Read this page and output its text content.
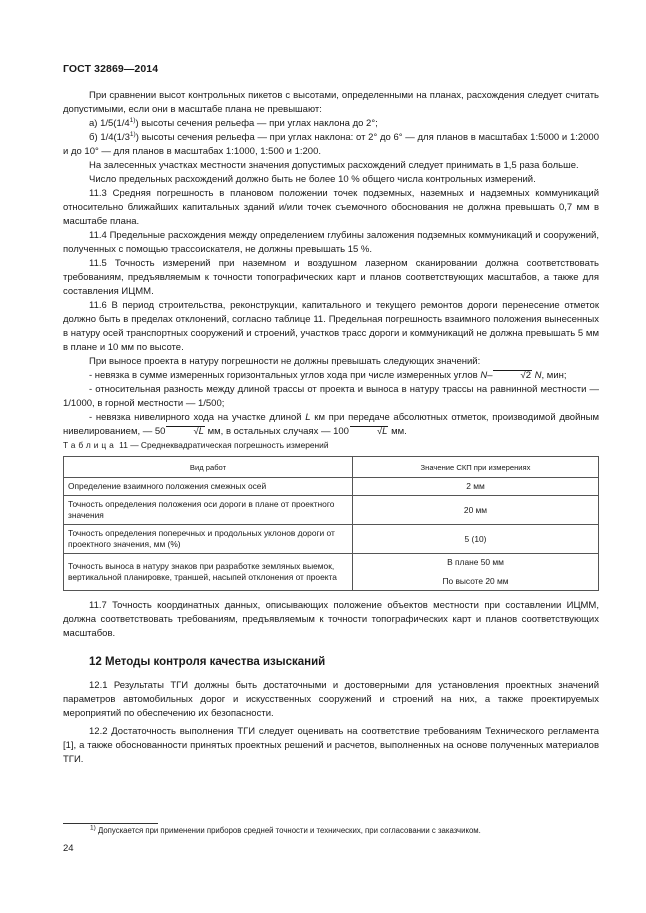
ГОСТ 32869—2014

При сравнении высот контрольных пикетов с высотами, определенными на планах, расхождения следует считать допустимыми, если они в масштабе плана не превышают:

а) 1/5(1/4$^{1)}$) высоты сечения рельефа — при углах наклона до 2°;

б) 1/4(1/3$^{1)}$) высоты сечения рельефа — при углах наклона: от 2° до 6° — для планов в масштабах 1:5000 и 1:2000 и до 10° — для планов в масштабах 1:1000, 1:500 и 1:200.

На залесенных участках местности значения допустимых расхождений следует принимать в 1,5 раза больше.

Число предельных расхождений должно быть не более 10 % общего числа контрольных измерений.

11.3 Средняя погрешность в плановом положении точек подземных, наземных и надземных коммуникаций относительно ближайших капитальных зданий и/или точек съемочного обоснования не должна превышать 0,7 мм в масштабе плана.

11.4 Предельные расхождения между определением глубины заложения подземных коммуникаций и сооружений, полученных с помощью трассоискателя, не должны превышать 15 %.

11.5 Точность измерений при наземном и воздушном лазерном сканировании должна соответствовать требованиям, предъявляемым к точности топографических карт и планов соответствующих масштабов, а также для составления ИЦММ.

11.6 В период строительства, реконструкции, капитального и текущего ремонтов дороги перенесение отметок должно быть в пределах отклонений, согласно таблице 11. Предельная погрешность взаимного положения вынесенных в натуру осей транспортных сооружений и строений, участков трасс дороги и коммуникаций не должна превышать 5 мм в плане и 10 мм по высоте.

При выносе проекта в натуру погрешности не должны превышать следующих значений:

- невязка в сумме измеренных горизонтальных углов хода при числе измеренных углов N–	√2 N, мин;

- относительная разность между длиной трассы от проекта и выноса в натуру трассы на равнинной местности — 1/1000, в горной местности — 1/500;

- невязка нивелирного хода на участке длиной L км при передаче абсолютных отметок, производимой двойным нивелированием, — 50	√L мм, в остальных случаях — 100	√L мм.

Таблица 11 — Среднеквадратическая погрешность измерений

Вид работ	Значение СКП при измерениях
Определение взаимного положения смежных осей	2 мм
Точность определения положения оси дороги в плане от проектного значения	20 мм
Точность определения поперечных и продольных уклонов дороги от проектного значения, мм (%)	5 (10)
Точность выноса в натуру знаков при разработке земляных выемок, вертикальной планировке, траншей, насыпей отклонения от проекта	В плане 50 мм
По высоте 20 мм

11.7 Точность координатных данных, описывающих положение объектов местности при составлении ИЦММ, должна соответствовать требованиям, предъявляемым к точности топографических карт и планов соответствующих масштабов.

12 Методы контроля качества изысканий

12.1 Результаты ТГИ должны быть достаточными и достоверными для установления проектных значений параметров автомобильных дорог и искусственных сооружений и строений на них, а также проектируемых мероприятий по обеспечению их безопасности.

12.2 Достаточность выполнения ТГИ следует оценивать на соответствие требованиям Технического регламента [1], а также обоснованности принятых проектных решений и расчетов, выполненных на основе полученных материалов ТГИ.

$^{1)}$ Допускается при применении приборов средней точности и технических, при согласовании с заказчиком.
24
